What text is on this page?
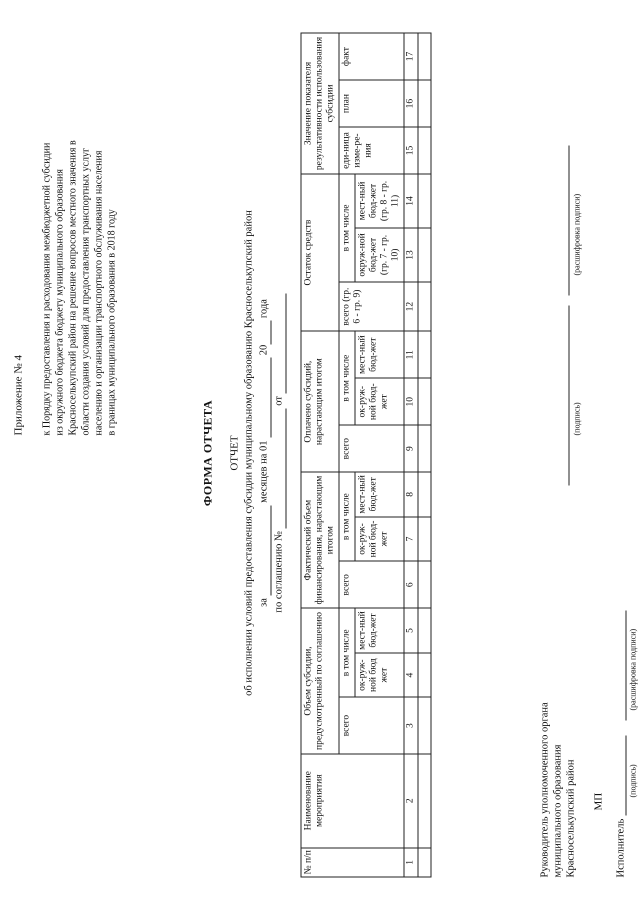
Приложение № 4 к Порядку предоставления и расходования межбюджетной субсидии из окружного бюджета бюджету муниципального образования Красноселькупский район на решение вопросов местного значения в области создания условий для предоставления транспортных услуг населению и организации транспортного обслуживания населения в границах муниципального образования в 2018 году
ФОРМА ОТЧЕТА ОТЧЕТ об исполнении условий предоставления субсидии муниципальному образованию Красноселькупский район за  месяцев на 01  20 года
по соглашению №  от
№ п/п	Наименование мероприятия	Объем субсидии, предусмотренный по соглашению			Фактический объем финансирования, нарастающим итогом			Оплачено субсидий, нарастающим итогом			Остаток средств			Значение показателя результативности использования субсидии		
		всего	в том числе		всего	в том числе		всего	в том числе		всего (гр. 6 - гр. 9)	в том числе		еди-ница изме-ре-ния	план	факт
			ок-руж-ной бюд жет	мест-ный бюд-жет		ок-руж-ной бюд-жет	мест-ный бюд-жет		ок-руж-ной бюд-жет	мест-ный бюд-жет		окруж-ной бюд-жет (гр. 7 - гр. 10)	мест-ный бюд-жет (гр. 8 - гр. 11)			
1	2	3	4	5	6	7	8	9	10	11	12	13	14	15	16	17

Руководитель уполномоченного органа муниципального образования Красноселькупский район
(подпись)
(расшифровка подписи)
МП
Исполнитель
(подпись)
(расшифровка подписи)
